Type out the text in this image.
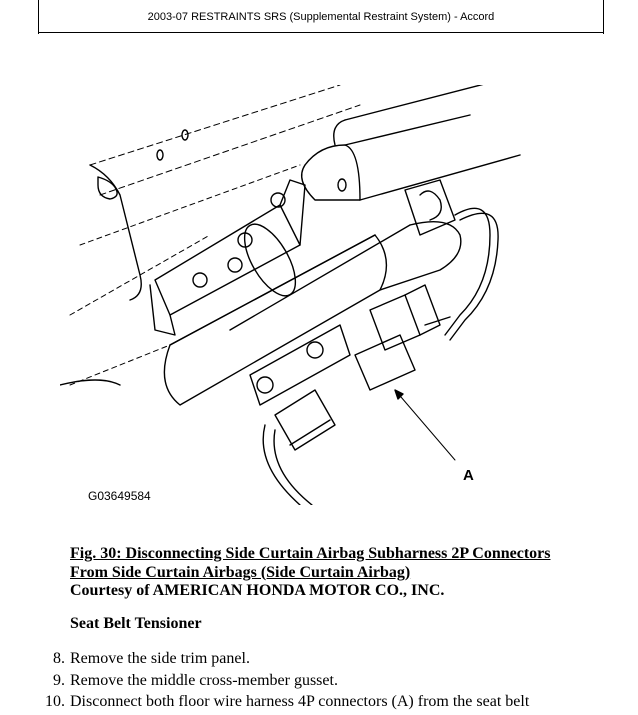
2003-07 RESTRAINTS SRS (Supplemental Restraint System) - Accord
A
G03649584
Fig. 30: Disconnecting Side Curtain Airbag Subharness 2P Connectors
From Side Curtain Airbags (Side Curtain Airbag)
Courtesy of AMERICAN HONDA MOTOR CO., INC.
Seat Belt Tensioner
8. Remove the side trim panel.
9. Remove the middle cross-member gusset.
10. Disconnect both floor wire harness 4P connectors (A) from the seat belt
